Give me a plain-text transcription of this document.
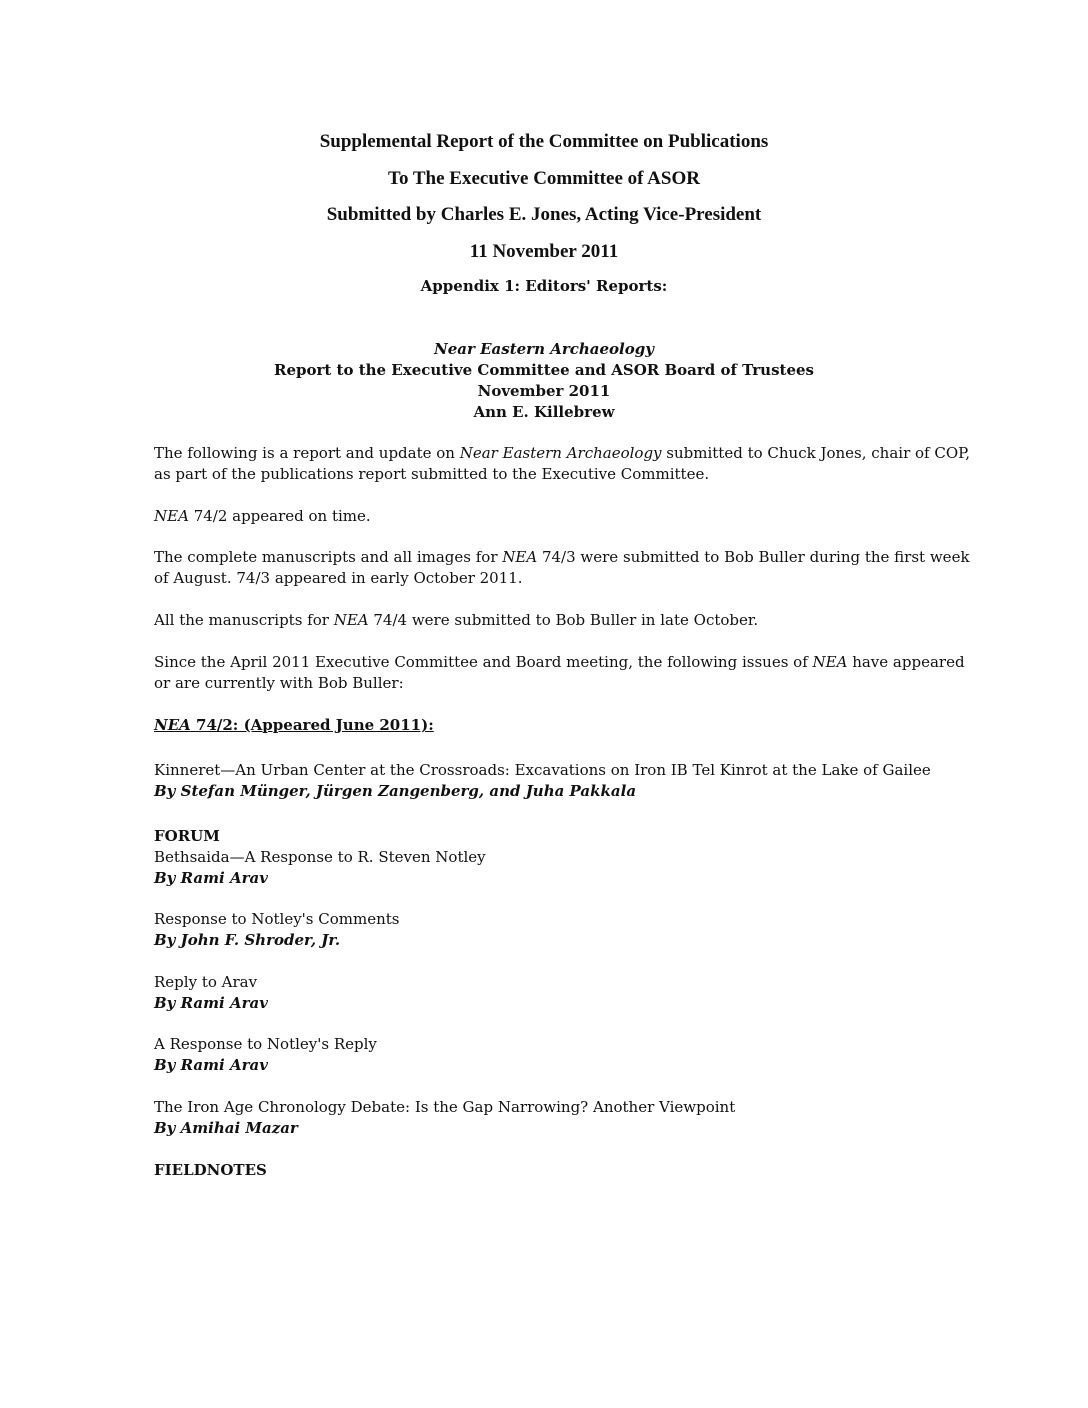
Supplemental Report of the Committee on Publications
To The Executive Committee of ASOR
Submitted by Charles E. Jones, Acting Vice-President
11 November 2011
Appendix 1: Editors' Reports:
Near Eastern Archaeology
Report to the Executive Committee and ASOR Board of Trustees
November 2011
Ann E. Killebrew

The following is a report and update on Near Eastern Archaeology submitted to Chuck Jones, chair of COP, as part of the publications report submitted to the Executive Committee.

NEA 74/2 appeared on time.

The complete manuscripts and all images for NEA 74/3 were submitted to Bob Buller during the first week of August. 74/3 appeared in early October 2011.

All the manuscripts for NEA 74/4 were submitted to Bob Buller in late October.

Since the April 2011 Executive Committee and Board meeting, the following issues of NEA have appeared or are currently with Bob Buller:

NEA 74/2: (Appeared June 2011):
Kinneret—An Urban Center at the Crossroads: Excavations on Iron IB Tel Kinrot at the Lake of Gailee
By Stefan Münger, Jürgen Zangenberg, and Juha Pakkala
FORUM
Bethsaida—A Response to R. Steven Notley
By Rami Arav
Response to Notley's Comments
By John F. Shroder, Jr.
Reply to Arav
By Rami Arav
A Response to Notley's Reply
By Rami Arav
The Iron Age Chronology Debate: Is the Gap Narrowing? Another Viewpoint
By Amihai Mazar
FIELDNOTES
